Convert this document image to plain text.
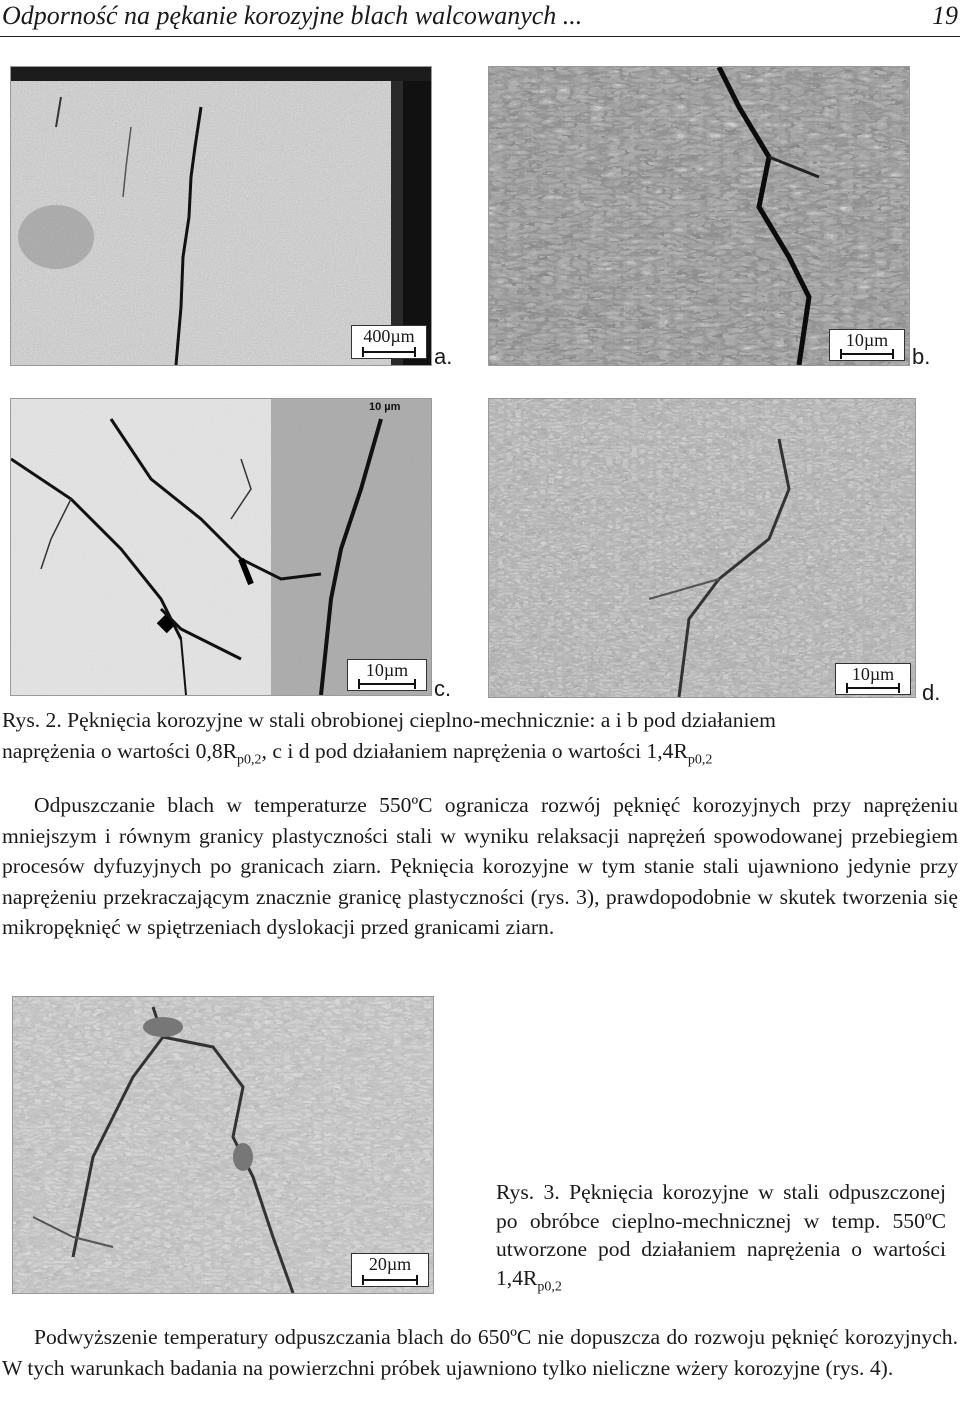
Odporność na pękanie korozyjne blach walcowanych ...	19
400µm
a.
10µm
b.
10 µm
10µm
c.
10µm
d.
Rys. 2. Pęknięcia korozyjne w stali obrobionej cieplno-mechnicznie: a i b pod działaniem
naprężenia o wartości $0,8R_{p0,2}$, c i d pod działaniem naprężenia o wartości $1,4R_{p0,2}$
Odpuszczanie blach w temperaturze 550ºC ogranicza rozwój pęknięć korozyjnych przy naprężeniu mniejszym i równym granicy plastyczności stali w wyniku relaksacji naprężeń spowodowanej przebiegiem procesów dyfuzyjnych po granicach ziarn. Pęknięcia korozyjne w tym stanie stali ujawniono jedynie przy naprężeniu przekraczającym znacznie granicę plastyczności (rys. 3), prawdopodobnie w skutek tworzenia się mikropęknięć w spiętrzeniach dyslokacji przed granicami ziarn.
20µm
Rys. 3. Pęknięcia korozyjne w stali odpuszczonej po obróbce cieplno-mechnicznej w temp. 550ºC utworzone pod działaniem naprężenia o wartości $1,4R_{p0,2}$
Podwyższenie temperatury odpuszczania blach do 650ºC nie dopuszcza do rozwoju pęknięć korozyjnych. W tych warunkach badania na powierzchni próbek ujawniono tylko nieliczne wżery korozyjne (rys. 4).
